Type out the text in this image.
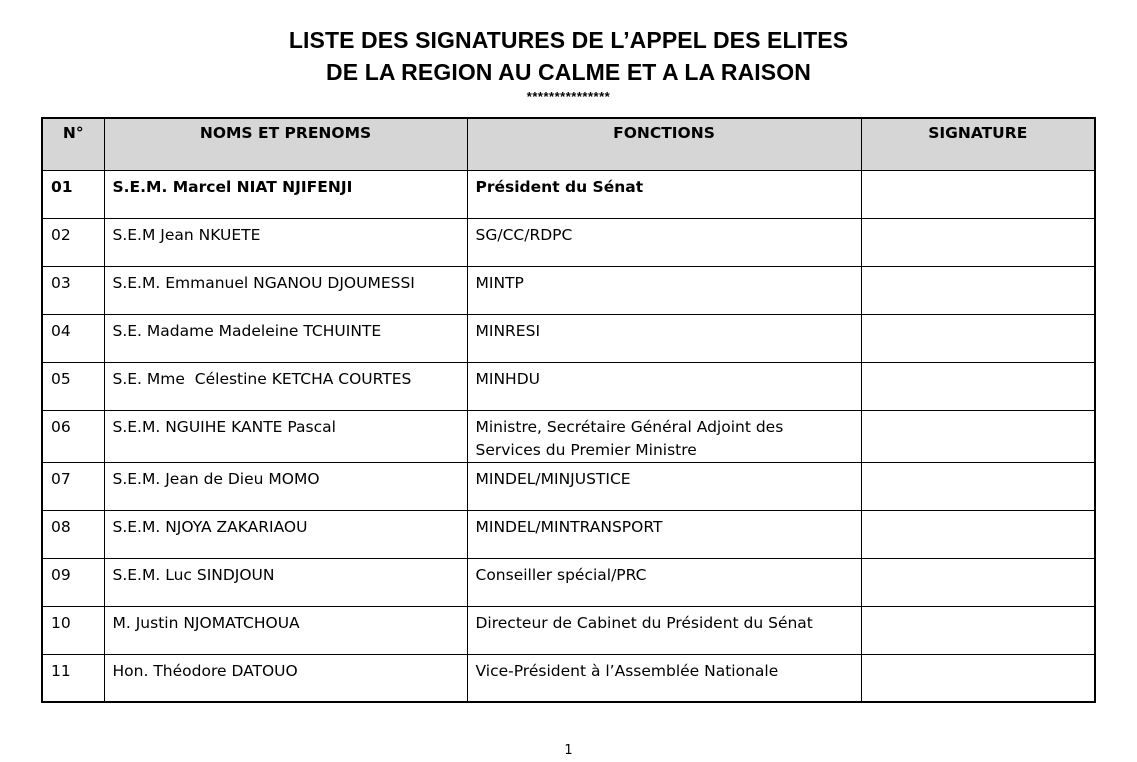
LISTE DES SIGNATURES DE L’APPEL DES ELITES
DE LA REGION AU CALME ET A LA RAISON
***************
N°	NOMS ET PRENOMS	FONCTIONS	SIGNATURE
01	S.E.M. Marcel NIAT NJIFENJI	Président du Sénat	
02	S.E.M Jean NKUETE	SG/CC/RDPC	
03	S.E.M. Emmanuel NGANOU DJOUMESSI	MINTP	
04	S.E. Madame Madeleine TCHUINTE	MINRESI	
05	S.E. Mme  Célestine KETCHA COURTES	MINHDU	
06	S.E.M. NGUIHE KANTE Pascal	Ministre, Secrétaire Général Adjoint des Services du Premier Ministre	
07	S.E.M. Jean de Dieu MOMO	MINDEL/MINJUSTICE	
08	S.E.M. NJOYA ZAKARIAOU	MINDEL/MINTRANSPORT	
09	S.E.M. Luc SINDJOUN	Conseiller spécial/PRC	
10	M. Justin NJOMATCHOUA	Directeur de Cabinet du Président du Sénat	
11	Hon. Théodore DATOUO	Vice-Président à l’Assemblée Nationale	
1
